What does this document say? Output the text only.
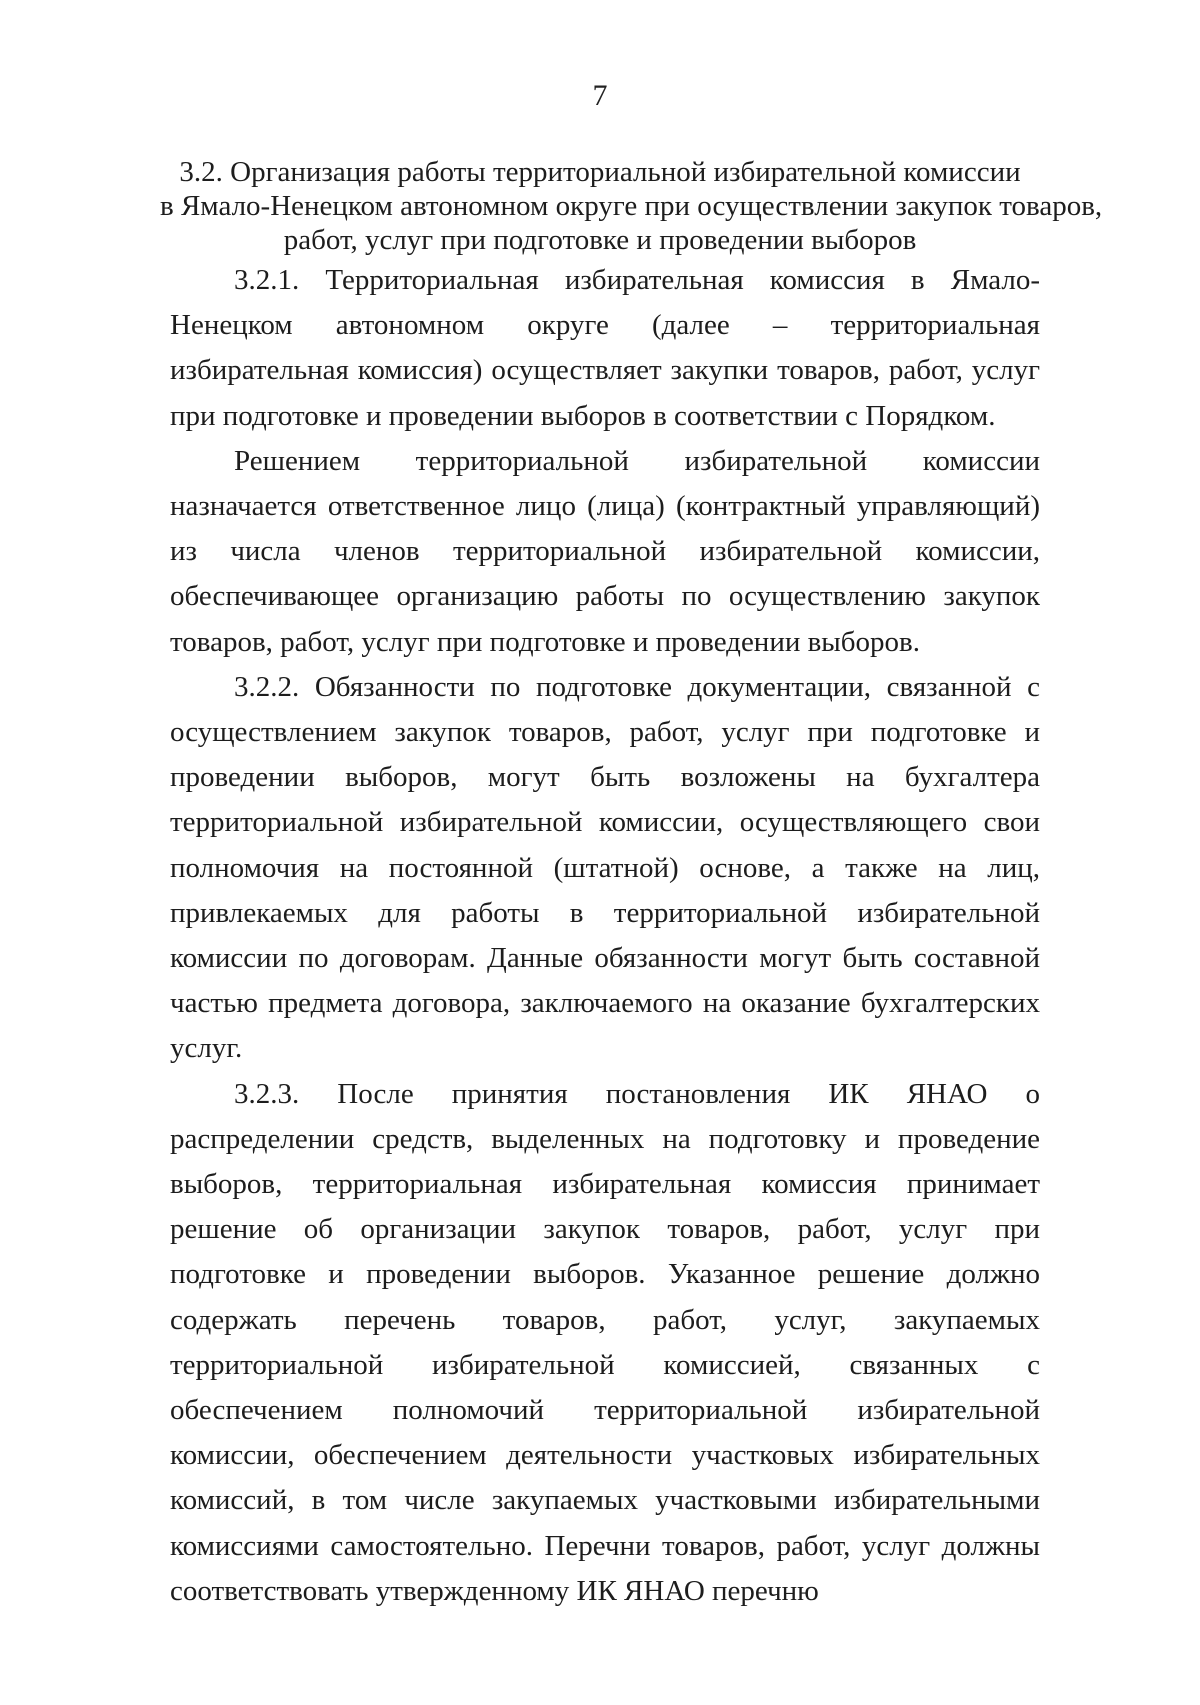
7
3.2. Организация работы территориальной избирательной комиссии
в Ямало-Ненецком автономном округе при осуществлении закупок товаров,
работ, услуг при подготовке и проведении выборов

3.2.1. Территориальная избирательная комиссия в Ямало-Ненецком автономном округе (далее – территориальная избирательная комиссия) осуществляет закупки товаров, работ, услуг при подготовке и проведении выборов в соответствии с Порядком.

Решением территориальной избирательной комиссии назначается ответственное лицо (лица) (контрактный управляющий) из числа членов территориальной избирательной комиссии, обеспечивающее организацию работы по осуществлению закупок товаров, работ, услуг при подготовке и проведении выборов.

3.2.2. Обязанности по подготовке документации, связанной с осуществлением закупок товаров, работ, услуг при подготовке и проведении выборов, могут быть возложены на бухгалтера территориальной избирательной комиссии, осуществляющего свои полномочия на постоянной (штатной) основе, а также на лиц, привлекаемых для работы в территориальной избирательной комиссии по договорам. Данные обязанности могут быть составной частью предмета договора, заключаемого на оказание бухгалтерских услуг.

3.2.3. После принятия постановления ИК ЯНАО о распределении средств, выделенных на подготовку и проведение выборов, территориальная избирательная комиссия принимает решение об организации закупок товаров, работ, услуг при подготовке и проведении выборов. Указанное решение должно содержать перечень товаров, работ, услуг, закупаемых территориальной избирательной комиссией, связанных с обеспечением полномочий территориальной избирательной комиссии, обеспечением деятельности участковых избирательных комиссий, в том числе закупаемых участковыми избирательными комиссиями самостоятельно. Перечни товаров, работ, услуг должны соответствовать утвержденному ИК ЯНАО перечню
